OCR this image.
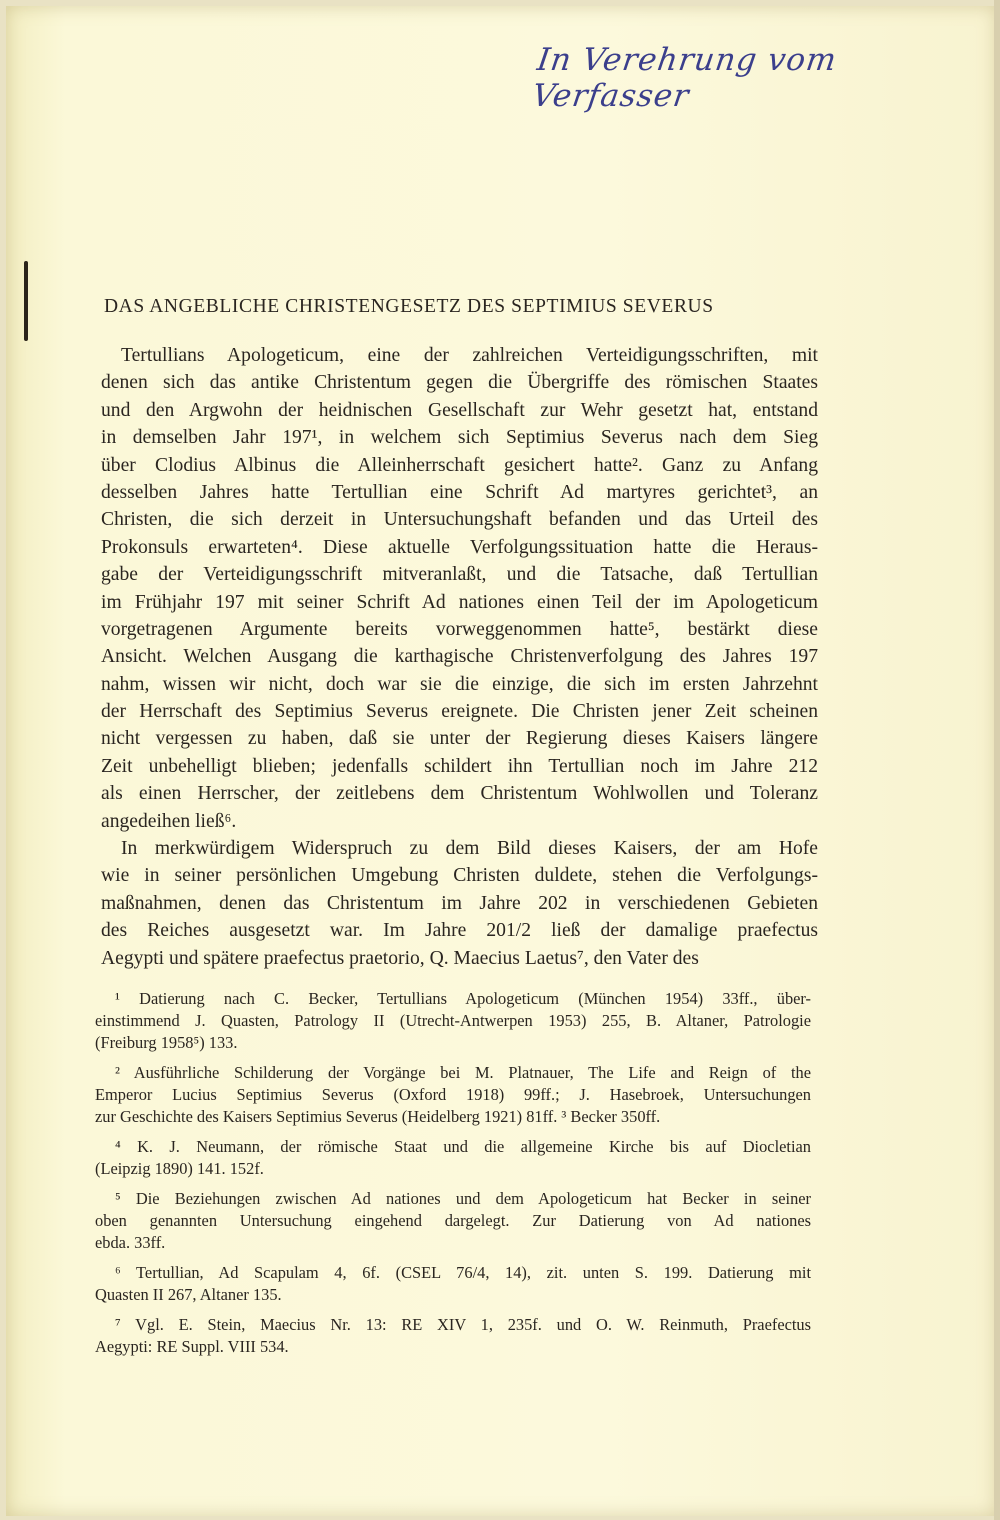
In Verehrung vom Verfasser
DAS ANGEBLICHE CHRISTENGESETZ DES SEPTIMIUS SEVERUS
Tertullians Apologeticum, eine der zahlreichen Verteidigungsschriften, mit
denen sich das antike Christentum gegen die Übergriffe des römischen Staates
und den Argwohn der heidnischen Gesellschaft zur Wehr gesetzt hat, entstand
in demselben Jahr 197¹, in welchem sich Septimius Severus nach dem Sieg
über Clodius Albinus die Alleinherrschaft gesichert hatte². Ganz zu Anfang
desselben Jahres hatte Tertullian eine Schrift Ad martyres gerichtet³, an
Christen, die sich derzeit in Untersuchungshaft befanden und das Urteil des
Prokonsuls erwarteten⁴. Diese aktuelle Verfolgungssituation hatte die Heraus-
gabe der Verteidigungsschrift mitveranlaßt, und die Tatsache, daß Tertullian
im Frühjahr 197 mit seiner Schrift Ad nationes einen Teil der im Apologeticum
vorgetragenen Argumente bereits vorweggenommen hatte⁵, bestärkt diese
Ansicht. Welchen Ausgang die karthagische Christenverfolgung des Jahres 197
nahm, wissen wir nicht, doch war sie die einzige, die sich im ersten Jahrzehnt
der Herrschaft des Septimius Severus ereignete. Die Christen jener Zeit scheinen
nicht vergessen zu haben, daß sie unter der Regierung dieses Kaisers längere
Zeit unbehelligt blieben; jedenfalls schildert ihn Tertullian noch im Jahre 212
als einen Herrscher, der zeitlebens dem Christentum Wohlwollen und Toleranz
angedeihen ließ⁶.
In merkwürdigem Widerspruch zu dem Bild dieses Kaisers, der am Hofe
wie in seiner persönlichen Umgebung Christen duldete, stehen die Verfolgungs-
maßnahmen, denen das Christentum im Jahre 202 in verschiedenen Gebieten
des Reiches ausgesetzt war. Im Jahre 201/2 ließ der damalige praefectus
Aegypti und spätere praefectus praetorio, Q. Maecius Laetus⁷, den Vater des
¹ Datierung nach C. Becker, Tertullians Apologeticum (München 1954) 33ff., über-
einstimmend J. Quasten, Patrology II (Utrecht-Antwerpen 1953) 255, B. Altaner, Patrologie
(Freiburg 1958⁵) 133.
² Ausführliche Schilderung der Vorgänge bei M. Platnauer, The Life and Reign of the
Emperor Lucius Septimius Severus (Oxford 1918) 99ff.; J. Hasebroek, Untersuchungen
zur Geschichte des Kaisers Septimius Severus (Heidelberg 1921) 81ff. ³ Becker 350ff.
⁴ K. J. Neumann, der römische Staat und die allgemeine Kirche bis auf Diocletian
(Leipzig 1890) 141. 152f.
⁵ Die Beziehungen zwischen Ad nationes und dem Apologeticum hat Becker in seiner
oben genannten Untersuchung eingehend dargelegt. Zur Datierung von Ad nationes
ebda. 33ff.
⁶ Tertullian, Ad Scapulam 4, 6f. (CSEL 76/4, 14), zit. unten S. 199. Datierung mit
Quasten II 267, Altaner 135.
⁷ Vgl. E. Stein, Maecius Nr. 13: RE XIV 1, 235f. und O. W. Reinmuth, Praefectus
Aegypti: RE Suppl. VIII 534.
